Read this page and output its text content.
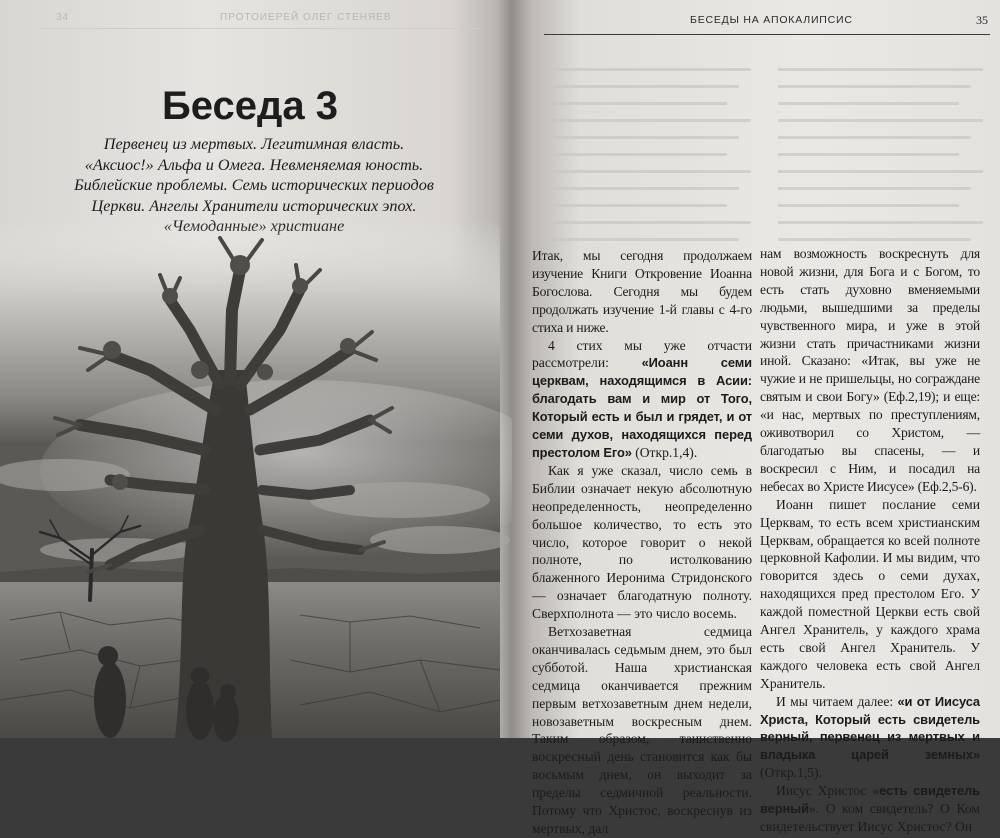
34	ПРОТОИЕРЕЙ ОЛЕГ СТЕНЯЕВ
Беседа 3
Первенец из мертвых. Легитимная власть. «Аксиос!» Альфа и Омега. Невменяемая юность. Библейские проблемы. Семь исторических периодов Церкви. Ангелы Хранители исторических эпох.
БЕСЕДЫ НА АПОКАЛИПСИС	35

Итак, мы сегодня продолжаем изучение Книги Откровение Иоанна Богослова. Сегодня мы будем продолжать изучение 1-й главы с 4-го стиха и ниже.

4 стих мы уже отчасти рассмотрели: «Иоанн семи церквам, находящимся в Асии: благодать вам и мир от Того, Который есть и был и грядет, и от семи духов, находящихся перед престолом Его» (Откр.1,4).

Как я уже сказал, число семь в Библии означает некую абсолютную неопределенность, неопределенно большое количество, то есть это число, которое говорит о некой полноте, по истолкованию блаженного Иеронима Стридонского — означает благодатную полноту. Сверхполнота — это число восемь.

Ветхозаветная седмица оканчивалась седьмым днем, это был субботой. Наша христианская седмица оканчивается прежним первым ветхозаветным днем недели, новозаветным воскресным днем. Таким образом, таинственно воскресный день становится как бы восьмым днем, он выходит за пределы седмичной реальности. Потому что Христос, воскреснув из мертвых, дал

нам возможность воскреснуть для новой жизни, для Бога и с Богом, то есть стать духовно вменяемыми людьми, вышедшими за пределы чувственного мира, и уже в этой жизни стать причастниками жизни иной. Сказано: «Итак, вы уже не чужие и не пришельцы, но сограждане святым и свои Богу» (Еф.2,19); и еще: «и нас, мертвых по преступлениям, оживотворил со Христом, — благодатью вы спасены, — и воскресил с Ним, и посадил на небесах во Христе Иисусе» (Еф.2,5-6).

Иоанн пишет послание семи Церквам, то есть всем христианским Церквам, обращается ко всей полноте церковной Кафолии. И мы видим, что говорится здесь о семи духах, находящихся пред престолом Его. У каждой поместной Церкви есть свой Ангел Хранитель, у каждого храма есть свой Ангел Хранитель. У каждого человека есть свой Ангел Хранитель.

И мы читаем далее: «и от Иисуса Христа, Который есть свидетель верный, первенец из мертвых и владыка царей земных» (Откр.1,5).

Иисус Христос «есть свидетель верный». О ком свидетель? О Ком свидетельствует Иисус Христос? Он
